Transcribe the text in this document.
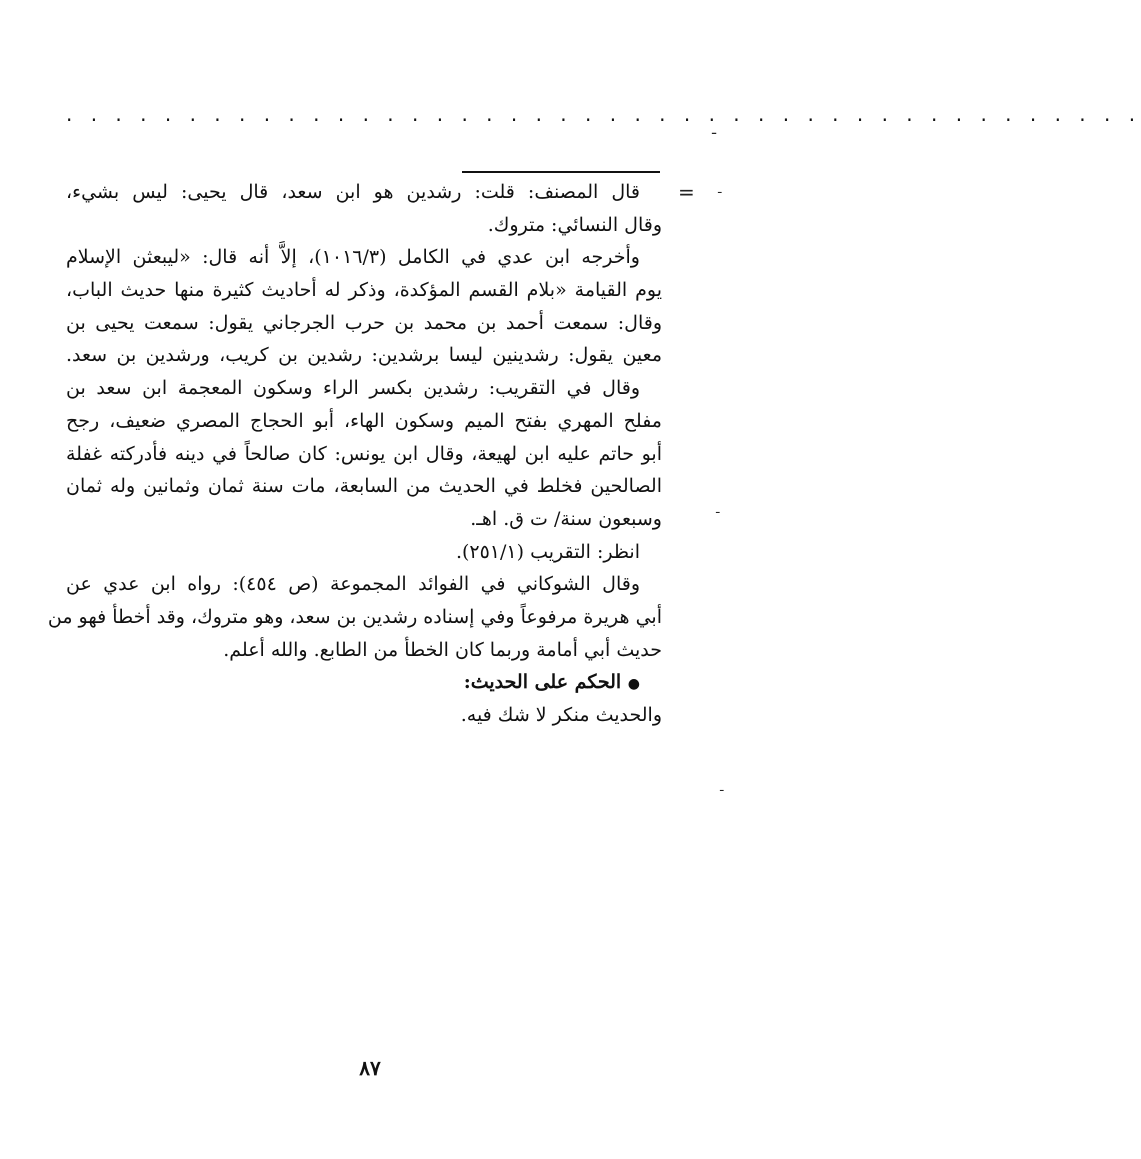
. . . . . . . . . . . . . . . . . . . . . . . . . . . . . . . . . . . . . . . . . . . .
=
ـ
ـ
ـ
ـ
قال المصنف: قلت: رشدين هو ابن سعد، قال يحيى: ليس بشيء،
وقال النسائي: متروك.
وأخرجه ابن عدي في الكامل (١٠١٦/٣)، إلاَّ أنه قال: «ليبعثن الإسلام
يوم القيامة «بلام القسم المؤكدة، وذكر له أحاديث كثيرة منها حديث الباب،
وقال: سمعت أحمد بن محمد بن حرب الجرجاني يقول: سمعت يحيى بن
معين يقول: رشدينين ليسا برشدين: رشدين بن كريب، ورشدين بن سعد.
وقال في التقريب: رشدين بكسر الراء وسكون المعجمة ابن سعد بن
مفلح المهري بفتح الميم وسكون الهاء، أبو الحجاج المصري ضعيف، رجح
أبو حاتم عليه ابن لهيعة، وقال ابن يونس: كان صالحاً في دينه فأدركته غفلة
الصالحين فخلط في الحديث من السابعة، مات سنة ثمان وثمانين وله ثمان
وسبعون سنة/ ت ق. اهـ.
انظر: التقريب (٢٥١/١).
وقال الشوكاني في الفوائد المجموعة (ص ٤٥٤): رواه ابن عدي عن
أبي هريرة مرفوعاً وفي إسناده رشدين بن سعد، وهو متروك، وقد أخطأ فهو من
حديث أبي أمامة وربما كان الخطأ من الطابع. والله أعلم.
● الحكم على الحديث:
والحديث منكر لا شك فيه.
٨٧
